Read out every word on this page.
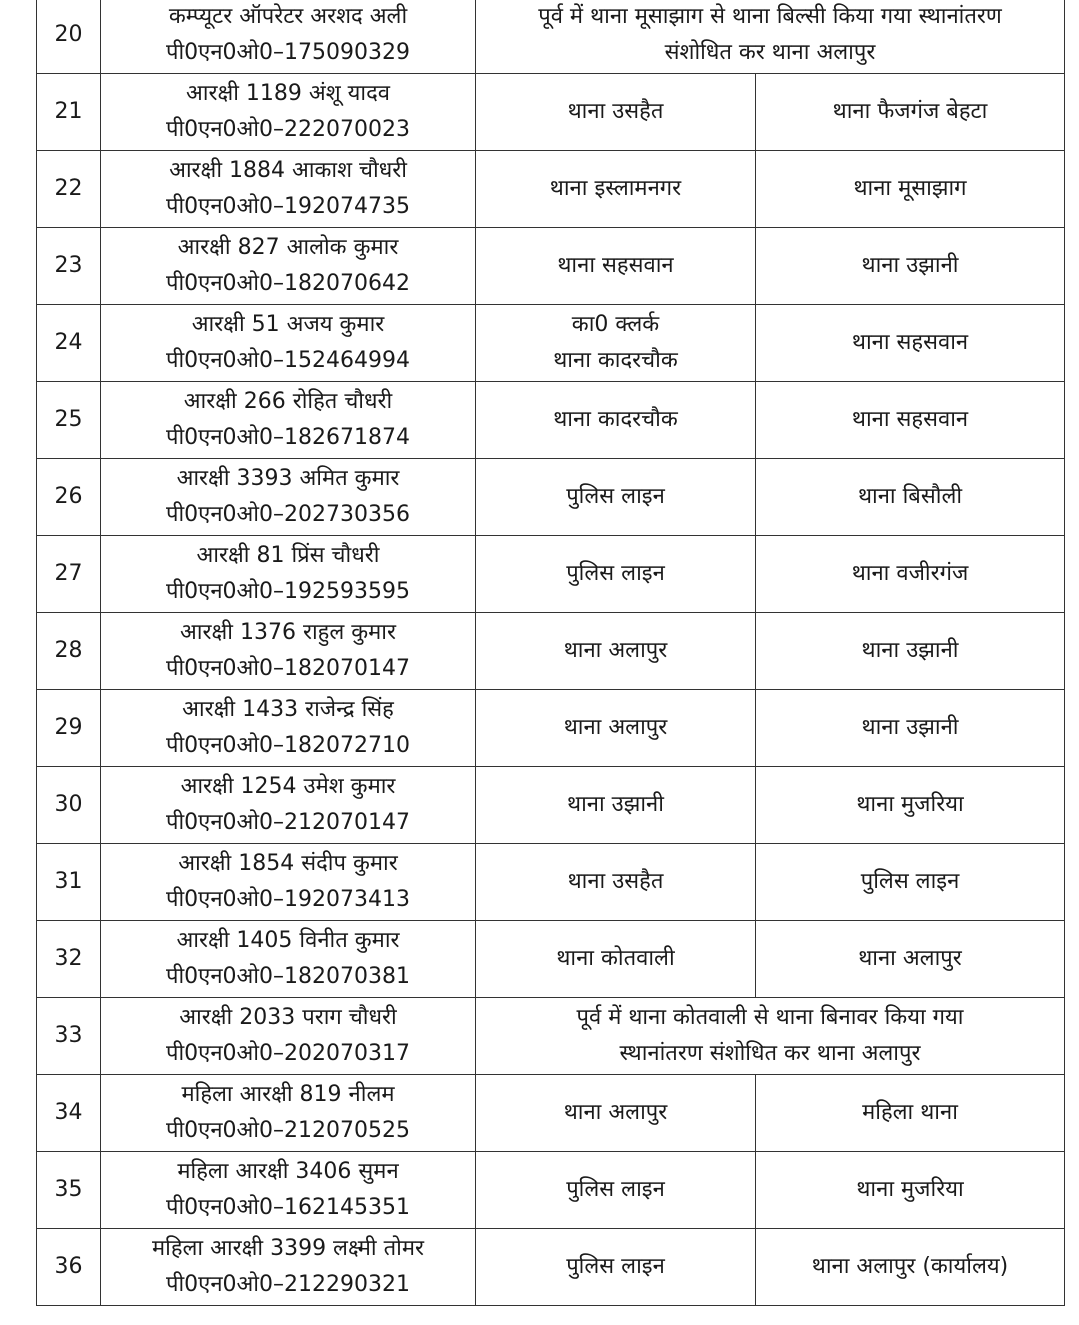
20	कम्प्यूटर ऑपरेटर अरशद अली
पी0एन0ओ0–175090329	पूर्व में थाना मूसाझाग से थाना बिल्सी किया गया स्थानांतरण
संशोधित कर थाना अलापुर	

21	आरक्षी 1189 अंशू यादव
पी0एन0ओ0–222070023	थाना उसहैत	थाना फैजगंज बेहटा

22	आरक्षी 1884 आकाश चौधरी
पी0एन0ओ0–192074735	थाना इस्लामनगर	थाना मूसाझाग

23	आरक्षी 827 आलोक कुमार
पी0एन0ओ0–182070642	थाना सहसवान	थाना उझानी

24	आरक्षी 51 अजय कुमार
पी0एन0ओ0–152464994	का0 क्लर्क
थाना कादरचौक	थाना सहसवान

25	आरक्षी 266 रोहित चौधरी
पी0एन0ओ0–182671874	थाना कादरचौक	थाना सहसवान

26	आरक्षी 3393 अमित कुमार
पी0एन0ओ0–202730356	पुलिस लाइन	थाना बिसौली

27	आरक्षी 81 प्रिंस चौधरी
पी0एन0ओ0–192593595	पुलिस लाइन	थाना वजीरगंज

28	आरक्षी 1376 राहुल कुमार
पी0एन0ओ0–182070147	थाना अलापुर	थाना उझानी

29	आरक्षी 1433 राजेन्द्र सिंह
पी0एन0ओ0–182072710	थाना अलापुर	थाना उझानी

30	आरक्षी 1254 उमेश कुमार
पी0एन0ओ0–212070147	थाना उझानी	थाना मुजरिया

31	आरक्षी 1854 संदीप कुमार
पी0एन0ओ0–192073413	थाना उसहैत	पुलिस लाइन

32	आरक्षी 1405 विनीत कुमार
पी0एन0ओ0–182070381	थाना कोतवाली	थाना अलापुर

33	आरक्षी 2033 पराग चौधरी
पी0एन0ओ0–202070317	पूर्व में थाना कोतवाली से थाना बिनावर किया गया
स्थानांतरण संशोधित कर थाना अलापुर	

34	महिला आरक्षी 819 नीलम
पी0एन0ओ0–212070525	थाना अलापुर	महिला थाना

35	महिला आरक्षी 3406 सुमन
पी0एन0ओ0–162145351	पुलिस लाइन	थाना मुजरिया

36	महिला आरक्षी 3399 लक्ष्मी तोमर
पी0एन0ओ0–212290321	पुलिस लाइन	थाना अलापुर (कार्यालय)
